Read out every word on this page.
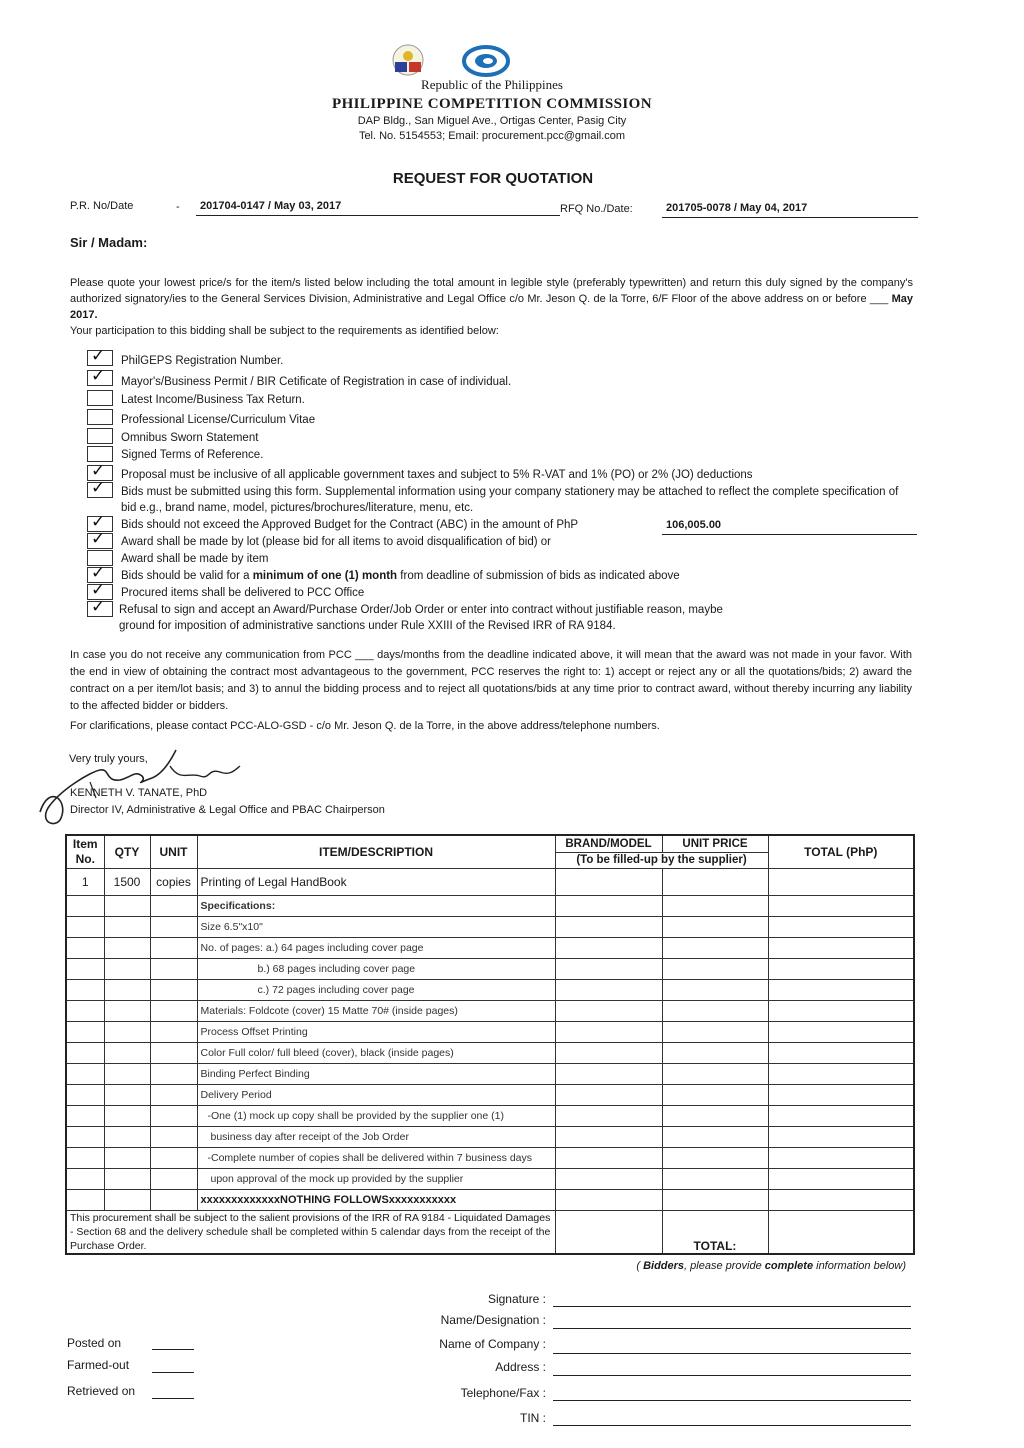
Republic of the Philippines
PHILIPPINE COMPETITION COMMISSION
DAP Bldg., San Miguel Ave., Ortigas Center, Pasig City
Tel. No. 5154553; Email: procurement.pcc@gmail.com
REQUEST FOR QUOTATION
P.R. No/Date	-	201704-0147 / May 03, 2017	RFQ No./Date:	201705-0078 / May 04, 2017
Sir / Madam:
Please quote your lowest price/s for the item/s listed below including the total amount in legible style (preferably typewritten) and return this duly signed by the company's authorized signatory/ies to the General Services Division, Administrative and Legal Office c/o Mr. Jeson Q. de la Torre, 6/F Floor of the above address on or before ___ May 2017.
Your participation to this bidding shall be subject to the requirements as identified below:
✓ PhilGEPS Registration Number.
✓ Mayor's/Business Permit / BIR Cetificate of Registration in case of individual.
Latest Income/Business Tax Return.
Professional License/Curriculum Vitae
Omnibus Sworn Statement
Signed Terms of Reference.
✓ Proposal must be inclusive of all applicable government taxes and subject to 5% R-VAT and 1% (PO) or 2% (JO) deductions
✓ Bids must be submitted using this form. Supplemental information using your company stationery may be attached to reflect the complete specification of bid e.g., brand name, model, pictures/brochures/literature, menu, etc.
✓ Bids should not exceed the Approved Budget for the Contract (ABC) in the amount of PhP	106,005.00
✓ Award shall be made by lot (please bid for all items to avoid disqualification of bid) or
Award shall be made by item
✓ Bids should be valid for a minimum of one (1) month from deadline of submission of bids as indicated above
✓ Procured items shall be delivered to PCC Office
✓ Refusal to sign and accept an Award/Purchase Order/Job Order or enter into contract without justifiable reason, maybe ground for imposition of administrative sanctions under Rule XXIII of the Revised IRR of RA 9184.
In case you do not receive any communication from PCC ___ days/months from the deadline indicated above, it will mean that the award was not made in your favor. With the end in view of obtaining the contract most advantageous to the government, PCC reserves the right to: 1) accept or reject any or all the quotations/bids; 2) award the contract on a per item/lot basis; and 3) to annul the bidding process and to reject all quotations/bids at any time prior to contract award, without thereby incurring any liability to the affected bidder or bidders.
For clarifications, please contact PCC-ALO-GSD - c/o Mr. Jeson Q. de la Torre, in the above address/telephone numbers.
Very truly yours,
KENNETH V. TANATE, PhD
Director IV, Administrative & Legal Office and PBAC Chairperson
Item No.	QTY	UNIT	ITEM/DESCRIPTION	BRAND/MODEL	UNIT PRICE	TOTAL (PhP)
				(To be filled-up by the supplier)		
1	1500	copies	Printing of Legal HandBook			
			Specifications:			
			Size 6.5"x10"			
			No. of pages: a.) 64 pages including cover page			
			b.) 68 pages including cover page			
			c.) 72 pages including cover page			
			Materials: Foldcote (cover) 15 Matte 70# (inside pages)			
			Process Offset Printing			
			Color Full color/ full bleed (cover), black (inside pages)			
			Binding Perfect Binding			
			Delivery Period			
			-One (1) mock up copy shall be provided by the supplier one (1)			
			business day after receipt of the Job Order			
			-Complete number of copies shall be delivered within 7 business days			
			upon approval of the mock up provided by the supplier			
			xxxxxxxxxxxxxNOTHING FOLLOWSxxxxxxxxxxx			
This procurement shall be subject to the salient provisions of the IRR of RA 9184 - Liquidated Damages - Section 68 and the delivery schedule shall be completed within 5 calendar days from the receipt of the Purchase Order.					TOTAL:	
( Bidders, please provide complete information below)
Signature :
Name/Designation :
Name of Company :
Address :
Telephone/Fax :
TIN :
Posted on
Farmed-out
Retrieved on
